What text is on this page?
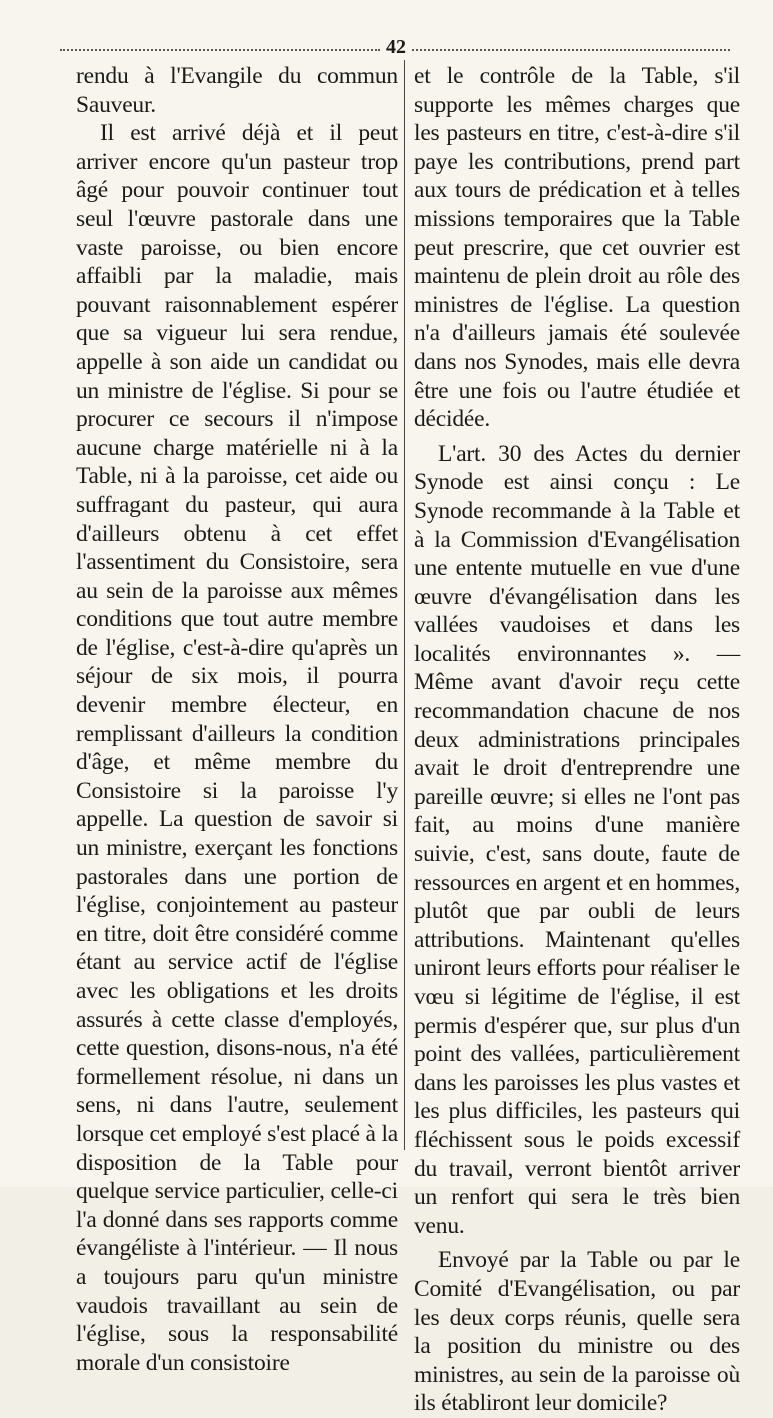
42

rendu à l'Evangile du commun Sauveur.

Il est arrivé déjà et il peut arriver encore qu'un pasteur trop âgé pour pouvoir continuer tout seul l'œuvre pastorale dans une vaste paroisse, ou bien encore affaibli par la maladie, mais pouvant raisonnablement espérer que sa vigueur lui sera rendue, appelle à son aide un candidat ou un ministre de l'église. Si pour se procurer ce secours il n'impose aucune charge matérielle ni à la Table, ni à la paroisse, cet aide ou suffragant du pasteur, qui aura d'ailleurs obtenu à cet effet l'assentiment du Consistoire, sera au sein de la paroisse aux mêmes conditions que tout autre membre de l'église, c'est-à-dire qu'après un séjour de six mois, il pourra devenir membre électeur, en remplissant d'ailleurs la condition d'âge, et même membre du Consistoire si la paroisse l'y appelle. La question de savoir si un ministre, exerçant les fonctions pastorales dans une portion de l'église, conjointement au pasteur en titre, doit être considéré comme étant au service actif de l'église avec les obligations et les droits assurés à cette classe d'employés, cette question, disons-nous, n'a été formellement résolue, ni dans un sens, ni dans l'autre, seulement lorsque cet employé s'est placé à la disposition de la Table pour quelque service particulier, celle-ci l'a donné dans ses rapports comme évangéliste à l'intérieur. — Il nous a toujours paru qu'un ministre vaudois travaillant au sein de l'église, sous la responsabilité morale d'un consistoire

et le contrôle de la Table, s'il supporte les mêmes charges que les pasteurs en titre, c'est-à-dire s'il paye les contributions, prend part aux tours de prédication et à telles missions temporaires que la Table peut prescrire, que cet ouvrier est maintenu de plein droit au rôle des ministres de l'église. La question n'a d'ailleurs jamais été soulevée dans nos Synodes, mais elle devra être une fois ou l'autre étudiée et décidée.

L'art. 30 des Actes du dernier Synode est ainsi conçu : Le Synode recommande à la Table et à la Commission d'Evangélisation une entente mutuelle en vue d'une œuvre d'évangélisation dans les vallées vaudoises et dans les localités environnantes ». — Même avant d'avoir reçu cette recommandation chacune de nos deux administrations principales avait le droit d'entreprendre une pareille œuvre; si elles ne l'ont pas fait, au moins d'une manière suivie, c'est, sans doute, faute de ressources en argent et en hommes, plutôt que par oubli de leurs attributions. Maintenant qu'elles uniront leurs efforts pour réaliser le vœu si légitime de l'église, il est permis d'espérer que, sur plus d'un point des vallées, particulièrement dans les paroisses les plus vastes et les plus difficiles, les pasteurs qui fléchissent sous le poids excessif du travail, verront bientôt arriver un renfort qui sera le très bien venu.

Envoyé par la Table ou par le Comité d'Evangélisation, ou par les deux corps réunis, quelle sera la position du ministre ou des ministres, au sein de la paroisse où ils établiront leur domicile?
